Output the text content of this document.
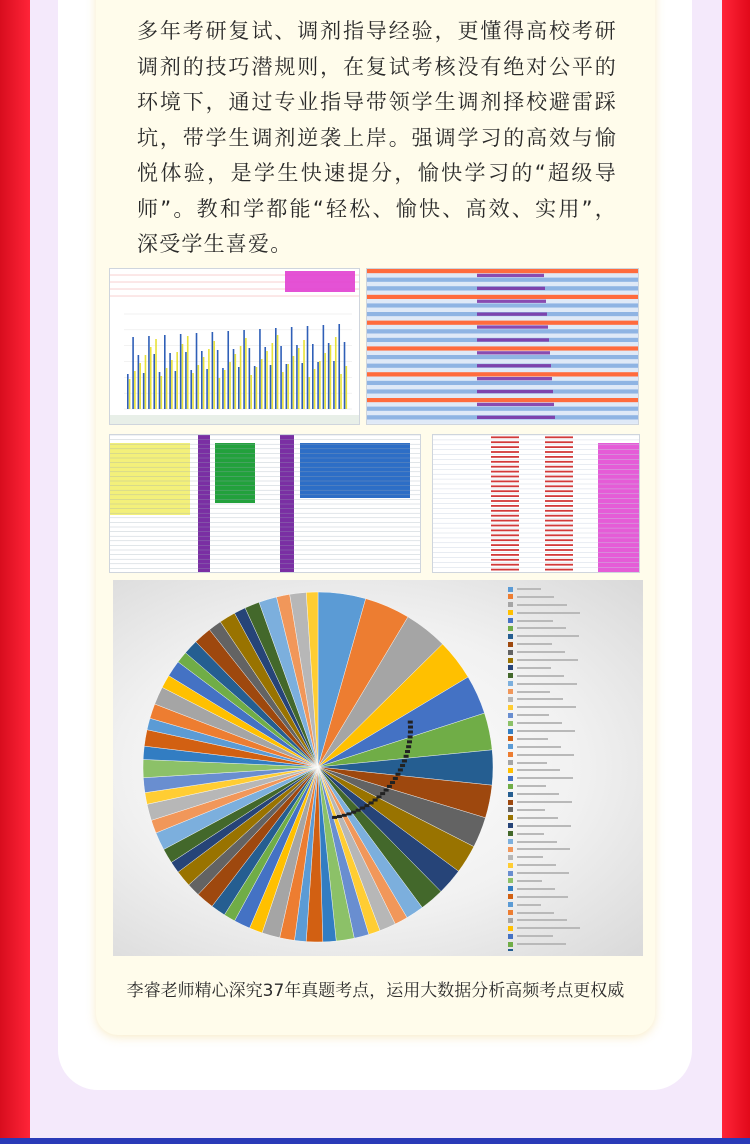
多年考研复试、调剂指导经验，更懂得高校考研调剂的技巧潜规则，在复试考核没有绝对公平的环境下，通过专业指导带领学生调剂择校避雷踩坑，带学生调剂逆袭上岸。强调学习的高效与愉悦体验，是学生快速提分，愉快学习的“超级导师”。教和学都能“轻松、愉快、高效、实用”，深受学生喜爱。

李睿老师精心深究37年真题考点，运用大数据分析高频考点更权威
